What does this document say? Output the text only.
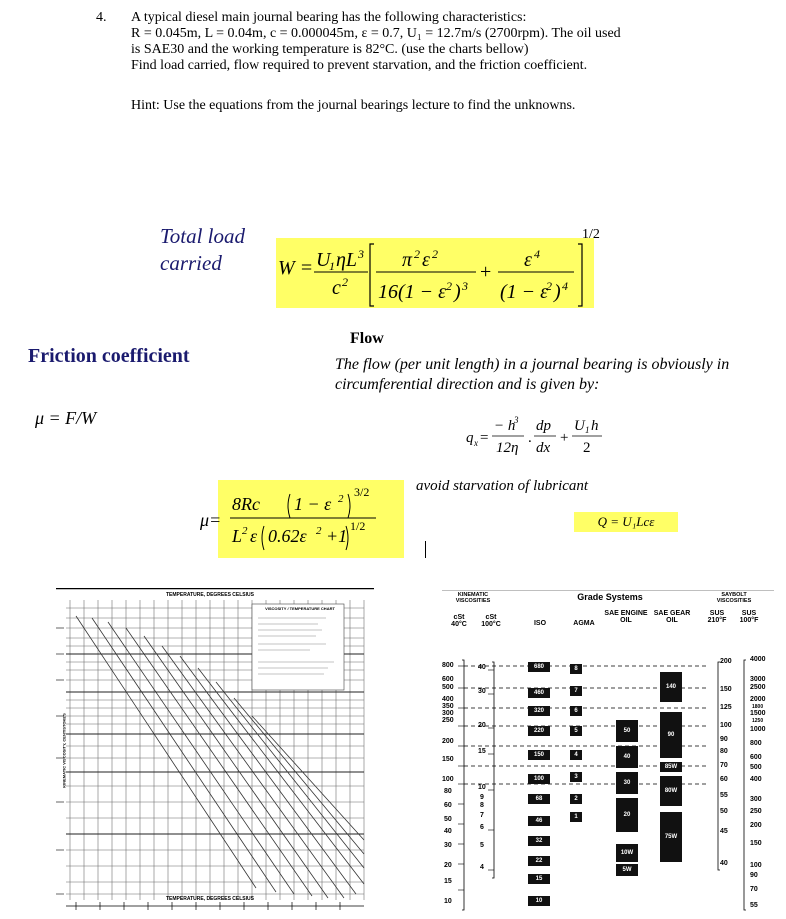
4. A typical diesel main journal bearing has the following characteristics:
R = 0.045m, L = 0.04m, c = 0.000045m, ε = 0.7, U₁ = 12.7m/s (2700rpm). The oil used
is SAE30 and the working temperature is 82°C. (use the charts bellow)
Find load carried, flow required to prevent starvation, and the friction coefficient.
Hint: Use the equations from the journal bearings lecture to find the unknowns.
Total load
carried	W = U
1 ηL 3
c 2
1/2
π 2 ε 2
16(1 − ε 2 ) 3
+
ε 4
(1 − ε
2 ) 4
Flow
The flow (per unit length) in a journal bearing is obviously in circumferential direction and is given by:
Friction coefficient
μ = F/W
q x =
− h
3
12η
.
dp
dx
+
U 1 h
2
avoid starvation of lubricant
Q = U₁Lcε
μ=
8Rc 1 − ε 2 3/2
L 2 ε 0.62ε 2 +1 1/2
TEMPERATURE, DEGREES CELSIUS
VISCOSITY / TEMPERATURE CHART
TEMPERATURE, DEGREES CELSIUS
KINEMATIC VISCOSITY, CENTISTOKES
KINEMATIC VISCOSITIES	Grade Systems	SAYBOLT VISCOSITIES
cSt 40°C
cSt 100°C	ISO	AGMA
SAE ENGINE OIL
SAE GEAR OIL
SUS 210°F
SUS 100°F
800
600
500
400
350
300
250
200
150
100
80
60
50
40
30
20
15
10
40
30
20
15
10
9
8
7
6
5
4
680
460
320
220
150
100
68
46
32
22
15
10
8
7
6
5
4
3
2
1
50
40
30
20
10W
5W
140
90
85W
80W
75W
200
150
125
100
90
80
70
60
55
50
45
40
4000
3000
2500
2000
1800
1500
1250
1000
800
600
500
400
300
250
200
150
100
90
70
55
